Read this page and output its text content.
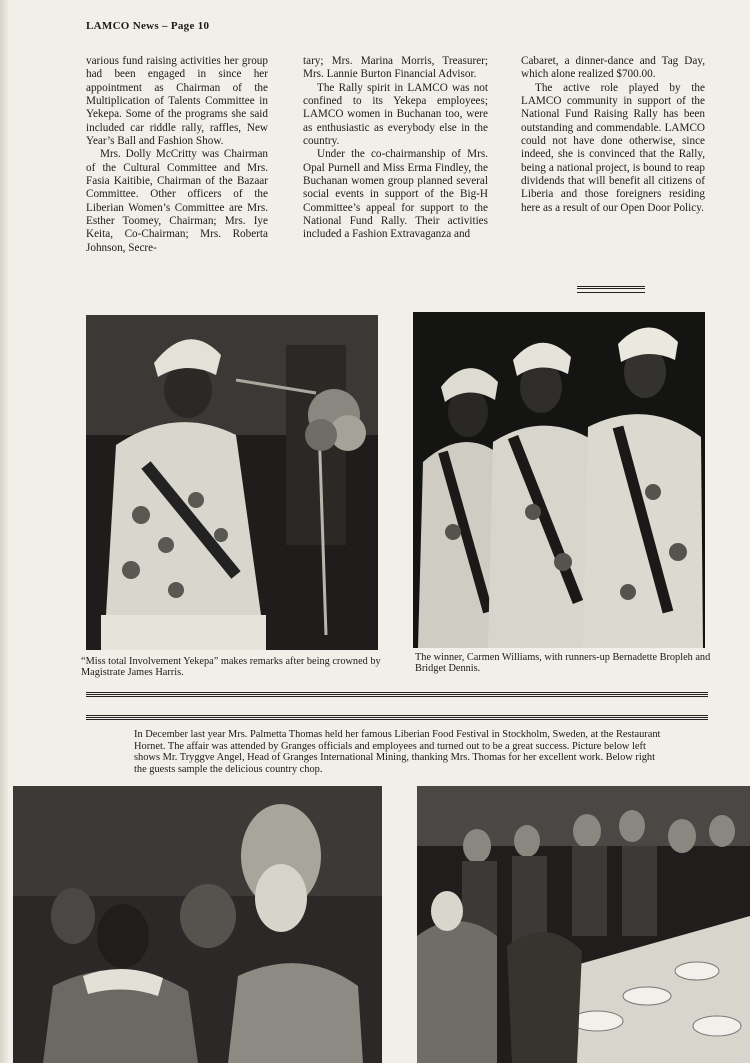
LAMCO News – Page 10

various fund raising activities her group had been engaged in since her appointment as Chairman of the Multiplication of Talents Committee in Yekepa. Some of the programs she said included car riddle rally, raffles, New Year’s Ball and Fashion Show.

Mrs. Dolly McCritty was Chairman of the Cultural Committee and Mrs. Fasia Kaitibie, Chairman of the Bazaar Committee. Other officers of the Liberian Women’s Committee are Mrs. Esther Toomey, Chairman; Mrs. Iye Keita, Co-Chairman; Mrs. Roberta Johnson, Secre-

tary; Mrs. Marina Morris, Treasurer; Mrs. Lannie Burton Financial Advisor.

The Rally spirit in LAMCO was not confined to its Yekepa employees; LAMCO women in Buchanan too, were as enthusiastic as everybody else in the country.

Under the co-chairmanship of Mrs. Opal Purnell and Miss Erma Findley, the Buchanan women group planned several social events in support of the Big-H Committee’s appeal for support to the National Fund Rally. Their activities included a Fashion Extravaganza and

Cabaret, a dinner-dance and Tag Day, which alone realized $700.00.

The active role played by the LAMCO community in support of the National Fund Raising Rally has been outstanding and commendable. LAMCO could not have done otherwise, since indeed, she is convinced that the Rally, being a national project, is bound to reap dividends that will benefit all citizens of Liberia and those foreigners residing here as a result of our Open Door Policy.

“Miss total Involvement Yekepa” makes remarks after being crowned by Magistrate James Harris.
The winner, Carmen Williams, with runners-up Bernadette Bropleh and Bridget Dennis.
In December last year Mrs. Palmetta Thomas held her famous Liberian Food Festival in Stockholm, Sweden, at the Restaurant Hornet. The affair was attended by Granges officials and employees and turned out to be a great success. Picture below left shows Mr. Tryggve Angel, Head of Granges International Mining, thanking Mrs. Thomas for her excellent work. Below right the guests sample the delicious country chop.
